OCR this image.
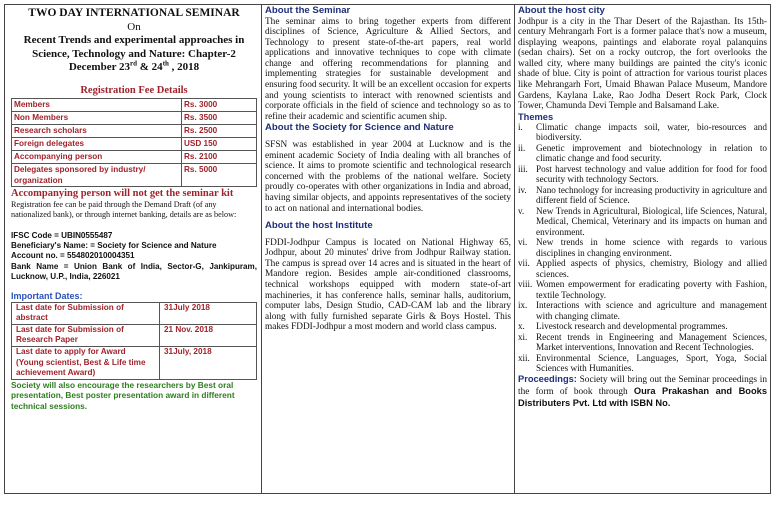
TWO DAY INTERNATIONAL SEMINAR
On
Recent Trends and experimental approaches in Science, Technology and Nature: Chapter-2
December 23rd & 24th , 2018
Registration Fee Details
Members	Rs. 3000
Non Members	Rs. 3500
Research scholars	Rs. 2500
Foreign delegates	USD 150
Accompanying person	Rs. 2100
Delegates sponsored by industry/ organization	Rs. 5000
Accompanying person will not get the seminar kit
Registration fee can be paid through the Demand Draft (of any nationalized bank), or through internet banking, details are as below:
IFSC Code = UBIN0555487
Beneficiary's Name: = Society for Science and Nature
Account no. = 554802010004351
Bank Name = Union Bank of India, Sector-G, Jankipuram, Lucknow, U.P., India, 226021
Important Dates:
Last date for Submission of abstract	31July 2018
Last date for Submission of Research Paper	21 Nov. 2018
Last date to apply for Award (Young scientist, Best & Life time achievement Award)	31July, 2018
Society will also encourage the researchers by Best oral presentation, Best poster presentation award in different technical sessions.
About the Seminar

The seminar aims to bring together experts from different disciplines of Science, Agriculture & Allied Sectors, and Technology to present state-of-the-art papers, real world applications and innovative techniques to cope with climate change and offering recommendations for planning and implementing strategies for sustainable development and ensuring food security. It will be an excellent occasion for experts and young scientists to interact with renowned scientists and corporate officials in the field of science and technology so as to refine their academic and scientific acumen ship.

About the Society for Science and Nature

SFSN was established in year 2004 at Lucknow and is the eminent academic Society of India dealing with all branches of science. It aims to promote scientific and technological research concerned with the problems of the national welfare. Society proudly co-operates with other organizations in India and abroad, having similar objects, and appoints representatives of the society to act on national and international bodies.

About the host Institute

FDDI-Jodhpur Campus is located on National Highway 65, Jodhpur, about 20 minutes' drive from Jodhpur Railway station. The campus is spread over 14 acres and is situated in the heart of Mandore region. Besides ample air-conditioned classrooms, technical workshops equipped with modern state-of-art machineries, it has conference halls, seminar halls, auditorium, computer labs, Design Studio, CAD-CAM lab and the library along with fully furnished separate Girls & Boys Hostel. This makes FDDI-Jodhpur a most modern and world class campus.

About the host city

Jodhpur is a city in the Thar Desert of the Rajasthan. Its 15th-century Mehrangarh Fort is a former palace that's now a museum, displaying weapons, paintings and elaborate royal palanquins (sedan chairs). Set on a rocky outcrop, the fort overlooks the walled city, where many buildings are painted the city's iconic shade of blue. City is point of attraction for various tourist places like Mehrangarh Fort, Umaid Bhawan Palace Museum, Mandore Gardens, Kaylana Lake, Rao Jodha Desert Rock Park, Clock Tower, Chamunda Devi Temple and Balsamand Lake.

Themes
i.	Climatic change impacts soil, water, bio-resources and biodiversity.
ii.	Genetic improvement and biotechnology in relation to climatic change and food security.
iii. Post harvest technology and value addition for food for food security with technology Sectors.
iv.	Nano technology for increasing productivity in agriculture and different field of Science.
v.	New Trends in Agricultural, Biological, life Sciences, Natural, Medical, Chemical, Veterinary and its impacts on human and environment.
vi. New trends in home science with regards to various disciplines in changing environment.
vii. Applied aspects of physics, chemistry, Biology and allied sciences.
viii. Women empowerment for eradicating poverty with Fashion, textile Technology.
ix. Interactions with science and agriculture and management with changing climate.
x.	Livestock research and developmental programmes.
xi. Recent trends in Engineering and Management Sciences, Market interventions, Innovation and Recent Technologies.
xii. Environmental Science, Languages, Sport, Yoga, Social Sciences with Humanities.
Proceedings: Society will bring out the Seminar proceedings in the form of book through Oura Prakashan and Books Distributers Pvt. Ltd with ISBN No.
